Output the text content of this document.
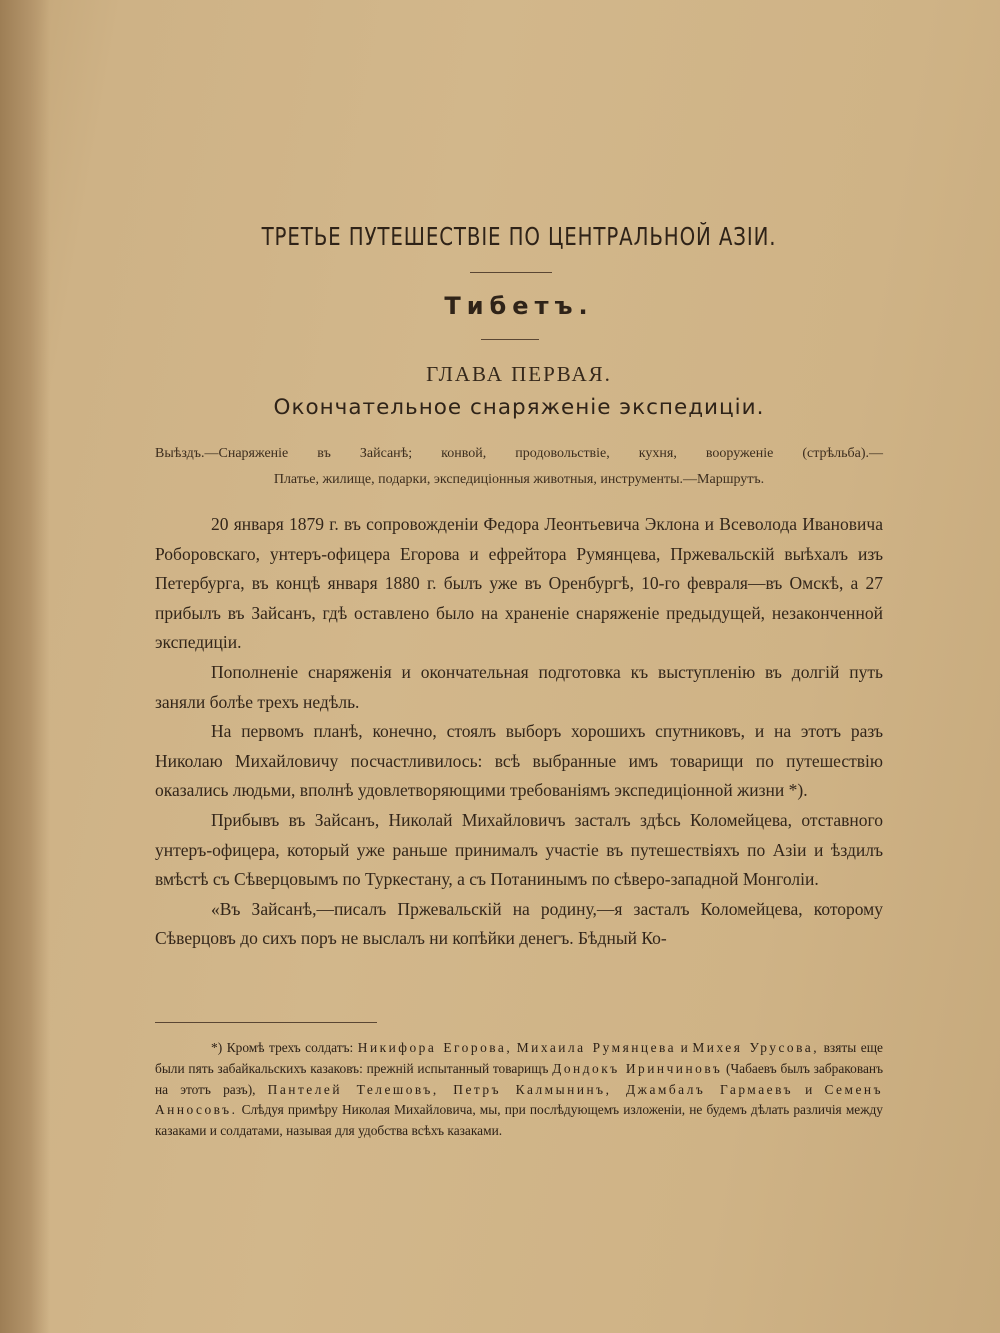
ТРЕТЬЕ ПУТЕШЕСТВІЕ ПО ЦЕНТРАЛЬНОЙ АЗІИ.
Тибетъ.
ГЛАВА ПЕРВАЯ.
Окончательное снаряженіе экспедиціи.
Выѣздъ.—Снаряженіе въ Зайсанѣ; конвой, продовольствіе, кухня, вооруженіе (стрѣльба).—
Платье, жилище, подарки, экспедиціонныя животныя, инструменты.—Маршрутъ.

20 января 1879 г. въ сопровожденіи Федора Леонтьевича Эклона и Всеволода Ивановича Роборовскаго, унтеръ-офицера Егорова и ефрейтора Румянцева, Пржевальскій выѣхалъ изъ Петербурга, въ концѣ января 1880 г. былъ уже въ Оренбургѣ, 10-го февраля—въ Омскѣ, а 27 прибылъ въ Зайсанъ, гдѣ оставлено было на храненіе снаряженіе предыдущей, незаконченной экспедиціи.

Пополненіе снаряженія и окончательная подготовка къ выступленію въ долгій путь заняли болѣе трехъ недѣль.

На первомъ планѣ, конечно, стоялъ выборъ хорошихъ спутниковъ, и на этотъ разъ Николаю Михайловичу посчастливилось: всѣ выбранные имъ товарищи по путешествію оказались людьми, вполнѣ удовлетворяющими требованіямъ экспедиціонной жизни *).

Прибывъ въ Зайсанъ, Николай Михайловичъ засталъ здѣсь Коломейцева, отставного унтеръ-офицера, который уже раньше принималъ участіе въ путешествіяхъ по Азіи и ѣздилъ вмѣстѣ съ Сѣверцовымъ по Туркестану, а съ Потанинымъ по сѣверо-западной Монголіи.

«Въ Зайсанѣ,—писалъ Пржевальскій на родину,—я засталъ Коломейцева, которому Сѣверцовъ до сихъ поръ не выслалъ ни копѣйки денегъ. Бѣдный Ко-

*) Кромѣ трехъ солдатъ: Никифора Егорова, Михаила Румянцева и Михея Урусова, взяты еще были пять забайкальскихъ казаковъ: прежній испытанный товарищъ Дондокъ Иринчиновъ (Чабаевъ былъ забракованъ на этотъ разъ), Пантелей Телешовъ, Петръ Калмынинъ, Джамбалъ Гармаевъ и Семенъ Анносовъ. Слѣдуя примѣру Николая Михайловича, мы, при послѣдующемъ изложеніи, не будемъ дѣлать различія между казаками и солдатами, называя для удобства всѣхъ казаками.
